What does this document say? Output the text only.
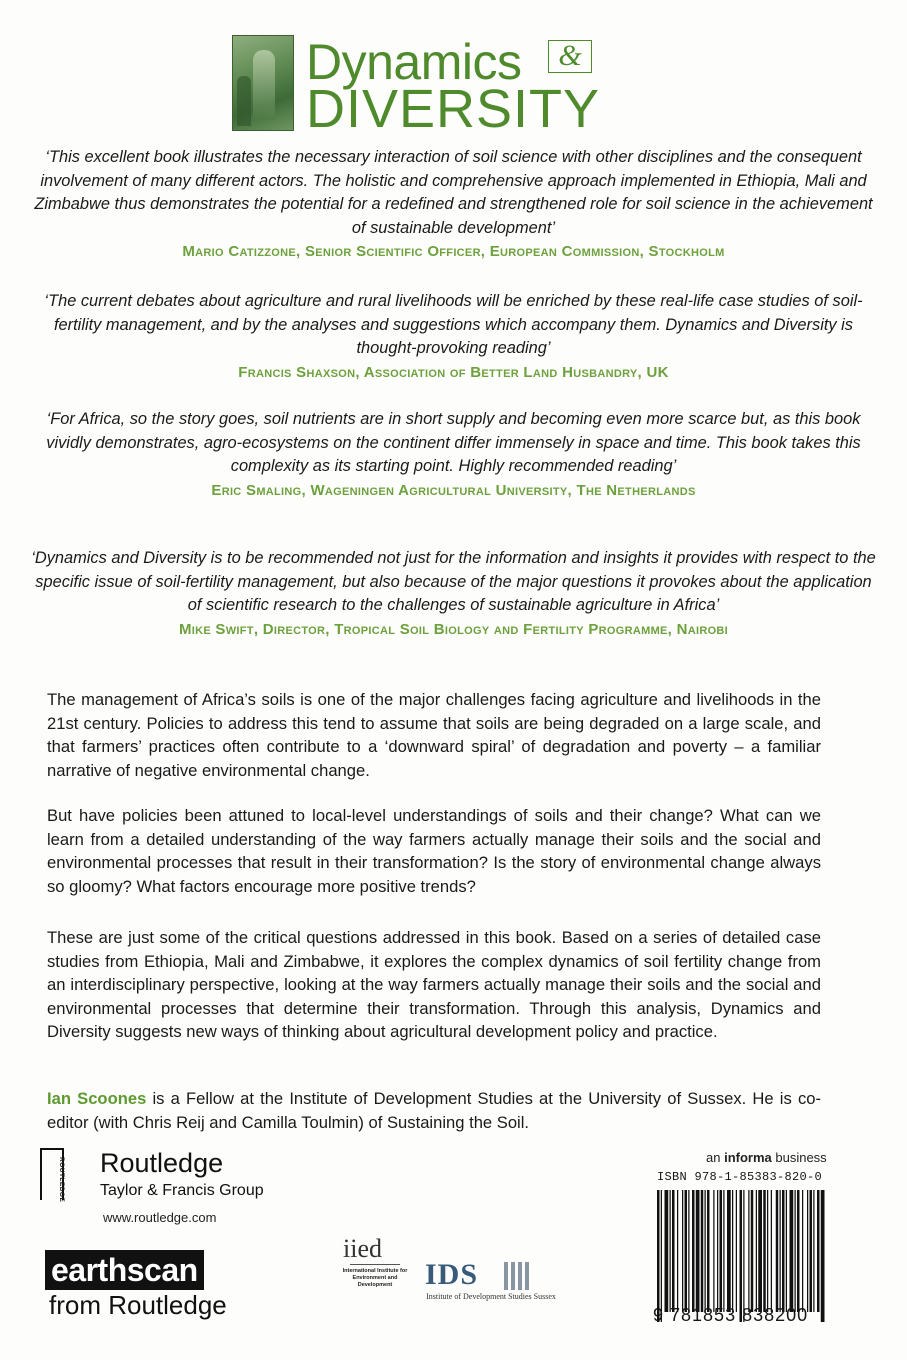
Dynamics	&
DIVERSITY

‘This excellent book illustrates the necessary interaction of soil science with other disciplines and the consequent involvement of many different actors. The holistic and comprehensive approach implemented in Ethiopia, Mali and Zimbabwe thus demonstrates the potential for a redefined and strengthened role for soil science in the achievement of sustainable development’

Mario Catizzone, Senior Scientific Officer, European Commission, Stockholm

‘The current debates about agriculture and rural livelihoods will be enriched by these real-life case studies of soil-fertility management, and by the analyses and suggestions which accompany them. Dynamics and Diversity is thought-provoking reading’

Francis Shaxson, Association of Better Land Husbandry, UK

‘For Africa, so the story goes, soil nutrients are in short supply and becoming even more scarce but, as this book vividly demonstrates, agro-ecosystems on the continent differ immensely in space and time. This book takes this complexity as its starting point. Highly recommended reading’

Eric Smaling, Wageningen Agricultural University, The Netherlands

‘Dynamics and Diversity is to be recommended not just for the information and insights it provides with respect to the specific issue of soil-fertility management, but also because of the major questions it provokes about the application of scientific research to the challenges of sustainable agriculture in Africa’

Mike Swift, Director, Tropical Soil Biology and Fertility Programme, Nairobi

The management of Africa’s soils is one of the major challenges facing agriculture and livelihoods in the 21st century. Policies to address this tend to assume that soils are being degraded on a large scale, and that farmers’ practices often contribute to a ‘downward spiral’ of degradation and poverty – a familiar narrative of negative environmental change.

But have policies been attuned to local-level understandings of soils and their change? What can we learn from a detailed understanding of the way farmers actually manage their soils and the social and environmental processes that result in their transformation? Is the story of environmental change always so gloomy? What factors encourage more positive trends?

These are just some of the critical questions addressed in this book. Based on a series of detailed case studies from Ethiopia, Mali and Zimbabwe, it explores the complex dynamics of soil fertility change from an interdisciplinary perspective, looking at the way farmers actually manage their soils and the social and environmental processes that determine their transformation. Through this analysis, Dynamics and Diversity suggests new ways of thinking about agricultural development policy and practice.

Ian Scoones is a Fellow at the Institute of Development Studies at the University of Sussex. He is co-editor (with Chris Reij and Camilla Toulmin) of Sustaining the Soil.

ROUTLEDGE Routledge
Taylor & Francis Group
www.routledge.com
earthscan
from Routledge
iied
International Institute for Environment and Development	IDS
Institute of Development Studies Sussex
an informa business
ISBN 978-1-85383-820-0
9 781853 838200
